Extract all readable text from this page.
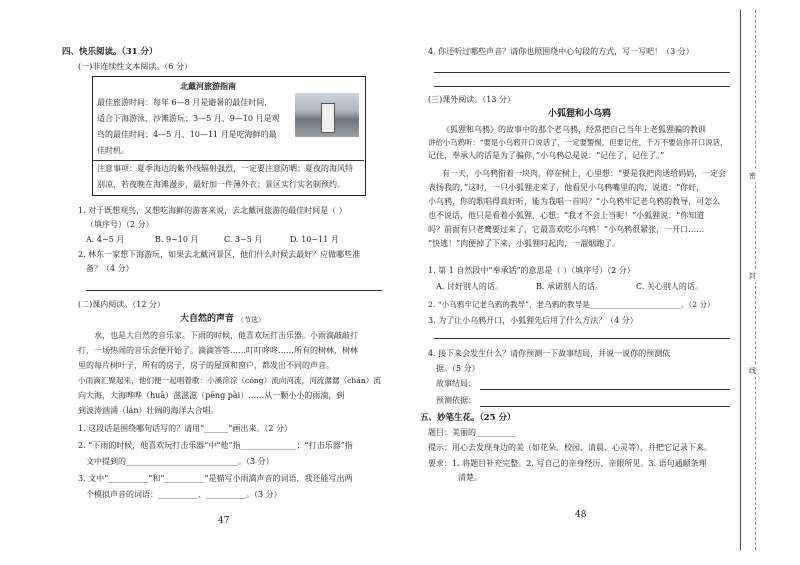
四、快乐阅读。（31 分）
(一)非连续性文本阅读。（6 分）
北戴河旅游指南
最佳旅游时间：每年 6—8 月是避暑的最佳时间，
适合下海游泳、沙滩游玩；3—5 月、9—10 月是观
鸟的最佳时间；4—5 月、10—11 月是吃海鲜的最
佳时机。
注意事项：夏季海边的紫外线辐射强烈，一定要注意防晒；夏夜的海风特
别凉，若夜晚在海滩漫步，最好加一件薄外衣；景区实行实名制预约。
1. 对于既想观鸟，又想吃海鲜的游客来说，去北戴河旅游的最佳时间是（ ）
（填序号）（2 分）
A. 4~5 月	B. 9~10 月	C. 3~5 月	D. 10~11 月
2. 林东一家想下海游玩，如果去北戴河景区，他们什么时候去最好？应做哪些准
备？（4 分）
(二)课内阅读。（12 分）
大自然的声音 （节选）
水，也是大自然的音乐家。下雨的时候，他喜欢玩打击乐器。小雨滴敲敲打
打，一场热闹的音乐会便开始了。滴滴答答……叮叮咚咚……所有的树林，树林
里的每片树叶子，所有的房子，房子的屋顶和窗户，都发出不同的声音。
小雨滴汇聚起来，他们便一起唱着歌：小溪淙淙（cóng）流向河流，河流潺潺（chán）流
向大海，大海哗哗（huā）滋滋滋（pēng pài）……从一颗小小的雨滴，到
到波涛汹涌（lán）壮阔的海洋大合唱。
1. 这段话是围绕哪句话写的？请用“______”画出来。（2 分）
2. “下雨的时候，他喜欢玩打击乐器”中“他”指______________；“打击乐器”指
文中提到的____________________________。（3 分）
3. 文中“__________”和“__________”是描写小雨滴声音的词语，我还能写出两
个模拟声音的词语：__________、__________。（3 分）
47
4. 你还听过哪些声音？请你也照围绕中心句段的方式，写一写吧！（3 分）
(三)课外阅读。（13 分）
小狐狸和小乌鸦
《狐狸和乌鸦》的故事中的那个老乌鸦，经常把自己当年上老狐狸骗的教训
讲给小乌鸦听：“要是小乌鸦开口说话了，一定要警惕，但要记住，千万不要信你开口说话，
记住，奉承人的话是为了骗你，”小乌鸦总是说：“记住了，记住了。”
有一天，小乌鸦衔着一块肉，停在树上，心里想：“要是我把肉送给妈妈，一定会
表扬我的，”这时，一只小狐狸走来了，他看见小乌鸦嘴里的肉，说道：“你好，
小乌鸦，你的歌唱得真好听，能为我唱一首吗？”小乌鸦牢记老乌鸦的教导，可怎么
也不说话，他只是看着小狐狸，心想：“我才不会上当呢！”小狐狸说：“你知道
吗？前面有只老鹰要过来了，它最喜欢吃小乌鸦！”小乌鸦很紧张，一开口……
“快逃！”肉便掉了下来，小狐狸叼起肉，一溜烟跑了。
1. 第 1 自然段中“奉承话”的意思是（ ）（填序号）（2 分）
A. 讨好别人的话。	B. 承诺别人的话。	C. 关心别人的话。
2. “小乌鸦牢记老乌鸦的教导”，老乌鸦的教导是________________________。（2 分）
3. 为了让小乌鸦开口，小狐狸先后用了什么方法？（4 分）
4. 接下来会发生什么？请你预测一下故事结局，并说一说你的预测依
据。（5 分）
故事结局：
预测依据：
五、妙笔生花。（25 分）
题目：美丽的__________
提示：用心去发现身边的美（如花朵、校园、清晨、心灵等），并把它记录下来。
要求：1. 将题目补充完整。2. 写自己的亲身经历、亲眼所见。3. 语句通顺条理
清楚。
48
密
封
线
